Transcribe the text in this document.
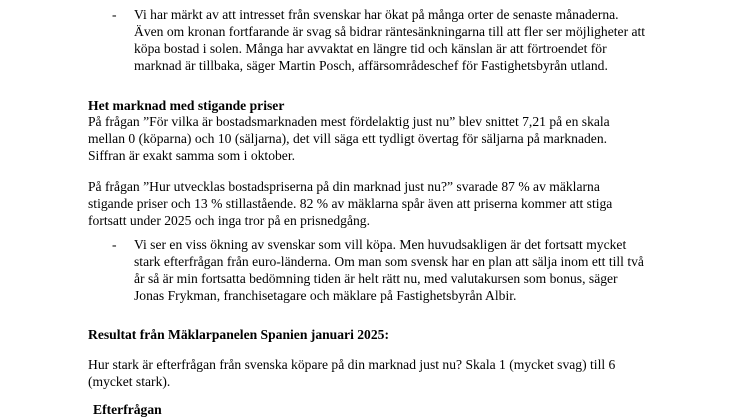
-	Vi har märkt av att intresset från svenskar har ökat på många orter de senaste månaderna.
Även om kronan fortfarande är svag så bidrar räntesänkningarna till att fler ser möjligheter att
köpa bostad i solen. Många har avvaktat en längre tid och känslan är att förtroendet för
marknad är tillbaka, säger Martin Posch, affärsområdeschef för Fastighetsbyrån utland.
Het marknad med stigande priser
På frågan ”För vilka är bostadsmarknaden mest fördelaktig just nu” blev snittet 7,21 på en skala
mellan 0 (köparna) och 10 (säljarna), det vill säga ett tydligt övertag för säljarna på marknaden.
Siffran är exakt samma som i oktober.
På frågan ”Hur utvecklas bostadspriserna på din marknad just nu?” svarade 87 % av mäklarna
stigande priser och 13 % stillastående. 82 % av mäklarna spår även att priserna kommer att stiga
fortsatt under 2025 och inga tror på en prisnedgång.
-	Vi ser en viss ökning av svenskar som vill köpa. Men huvudsakligen är det fortsatt mycket
stark efterfrågan från euro-länderna. Om man som svensk har en plan att sälja inom ett till två
år så är min fortsatta bedömning tiden är helt rätt nu, med valutakursen som bonus, säger
Jonas Frykman, franchisetagare och mäklare på Fastighetsbyrån Albir.
Resultat från Mäklarpanelen Spanien januari 2025:
Hur stark är efterfrågan från svenska köpare på din marknad just nu? Skala 1 (mycket svag) till 6
(mycket stark).
Efterfrågan
